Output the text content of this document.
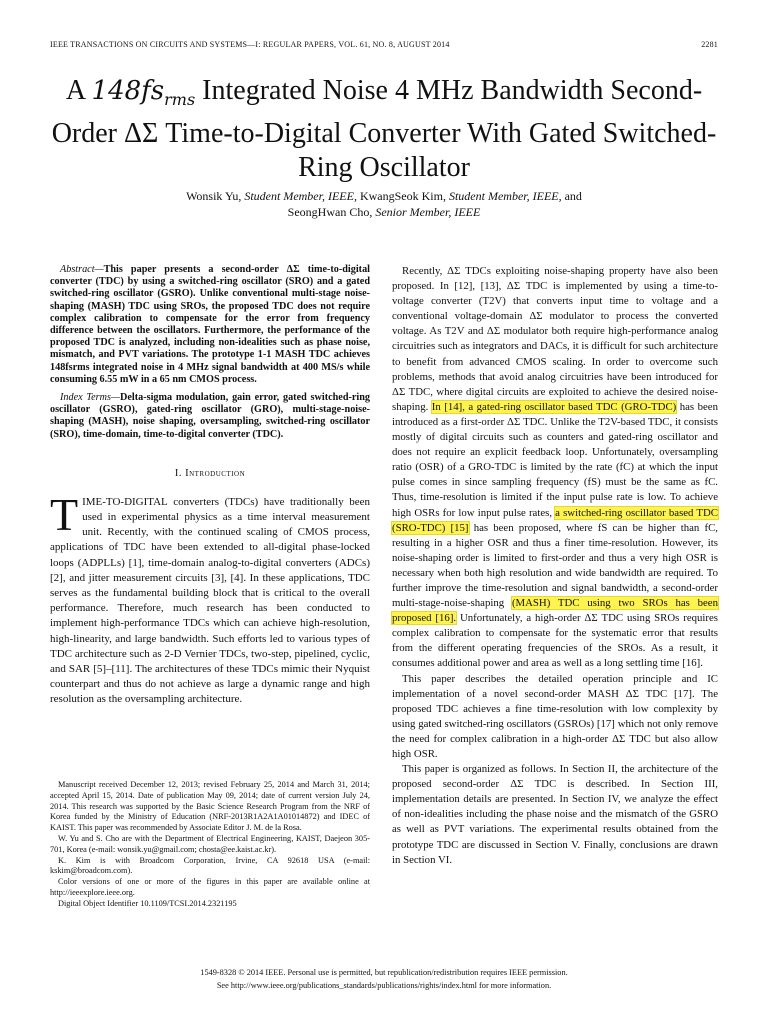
IEEE TRANSACTIONS ON CIRCUITS AND SYSTEMS—I: REGULAR PAPERS, VOL. 61, NO. 8, AUGUST 2014	2281
A $148fs_{rms}$ Integrated Noise 4 MHz Bandwidth Second-Order ΔΣ Time-to-Digital Converter With Gated Switched-Ring Oscillator
Wonsik Yu, Student Member, IEEE, KwangSeok Kim, Student Member, IEEE, and
SeongHwan Cho, Senior Member, IEEE
Abstract—This paper presents a second-order ΔΣ time-to-digital converter (TDC) by using a switched-ring oscillator (SRO) and a gated switched-ring oscillator (GSRO). Unlike conventional multi-stage noise-shaping (MASH) TDC using SROs, the proposed TDC does not require complex calibration to compensate for the error from frequency difference between the oscillators. Furthermore, the performance of the proposed TDC is analyzed, including non-idealities such as phase noise, mismatch, and PVT variations. The prototype 1-1 MASH TDC achieves 148fsrms integrated noise in 4 MHz signal bandwidth at 400 MS/s while consuming 6.55 mW in a 65 nm CMOS process.
Index Terms—Delta-sigma modulation, gain error, gated switched-ring oscillator (GSRO), gated-ring oscillator (GRO), multi-stage-noise-shaping (MASH), noise shaping, oversampling, switched-ring oscillator (SRO), time-domain, time-to-digital converter (TDC).
I. Introduction
TIME-TO-DIGITAL converters (TDCs) have traditionally been used in experimental physics as a time interval measurement unit. Recently, with the continued scaling of CMOS process, applications of TDC have been extended to all-digital phase-locked loops (ADPLLs) [1], time-domain analog-to-digital converters (ADCs) [2], and jitter measurement circuits [3], [4]. In these applications, TDC serves as the fundamental building block that is critical to the overall performance. Therefore, much research has been conducted to implement high-performance TDCs which can achieve high-resolution, high-linearity, and large bandwidth. Such efforts led to various types of TDC architecture such as 2-D Vernier TDCs, two-step, pipelined, cyclic, and SAR [5]–[11]. The architectures of these TDCs mimic their Nyquist counterpart and thus do not achieve as large a dynamic range and high resolution as the oversampling architecture.

Manuscript received December 12, 2013; revised February 25, 2014 and March 31, 2014; accepted April 15, 2014. Date of publication May 09, 2014; date of current version July 24, 2014. This research was supported by the Basic Science Research Program from the NRF of Korea funded by the Ministry of Education (NRF-2013R1A2A1A01014872) and IDEC of KAIST. This paper was recommended by Associate Editor J. M. de la Rosa.

W. Yu and S. Cho are with the Department of Electrical Engineering, KAIST, Daejeon 305-701, Korea (e-mail: wonsik.yu@gmail.com; chosta@ee.kaist.ac.kr).

K. Kim is with Broadcom Corporation, Irvine, CA 92618 USA (e-mail: kskim@broadcom.com).

Color versions of one or more of the figures in this paper are available online at http://ieeexplore.ieee.org.

Digital Object Identifier 10.1109/TCSI.2014.2321195

Recently, ΔΣ TDCs exploiting noise-shaping property have also been proposed. In [12], [13], ΔΣ TDC is implemented by using a time-to-voltage converter (T2V) that converts input time to voltage and a conventional voltage-domain ΔΣ modulator to process the converted voltage. As T2V and ΔΣ modulator both require high-performance analog circuitries such as integrators and DACs, it is difficult for such architecture to benefit from advanced CMOS scaling. In order to overcome such problems, methods that avoid analog circuitries have been introduced for ΔΣ TDC, where digital circuits are exploited to achieve the desired noise-shaping. In [14], a gated-ring oscillator based TDC (GRO-TDC) has been introduced as a first-order ΔΣ TDC. Unlike the T2V-based TDC, it consists mostly of digital circuits such as counters and gated-ring oscillator and does not require an explicit feedback loop. Unfortunately, oversampling ratio (OSR) of a GRO-TDC is limited by the rate (fC) at which the input pulse comes in since sampling frequency (fS) must be the same as fC. Thus, time-resolution is limited if the input pulse rate is low. To achieve high OSRs for low input pulse rates, a switched-ring oscillator based TDC (SRO-TDC) [15] has been proposed, where fS can be higher than fC, resulting in a higher OSR and thus a finer time-resolution. However, its noise-shaping order is limited to first-order and thus a very high OSR is necessary when both high resolution and wide bandwidth are required. To further improve the time-resolution and signal bandwidth, a second-order multi-stage-noise-shaping (MASH) TDC using two SROs has been proposed [16]. Unfortunately, a high-order ΔΣ TDC using SROs requires complex calibration to compensate for the systematic error that results from the different operating frequencies of the SROs. As a result, it consumes additional power and area as well as a long settling time [16].

This paper describes the detailed operation principle and IC implementation of a novel second-order MASH ΔΣ TDC [17]. The proposed TDC achieves a fine time-resolution with low complexity by using gated switched-ring oscillators (GSROs) [17] which not only remove the need for complex calibration in a high-order ΔΣ TDC but also allow high OSR.

This paper is organized as follows. In Section II, the architecture of the proposed second-order ΔΣ TDC is described. In Section III, implementation details are presented. In Section IV, we analyze the effect of non-idealities including the phase noise and the mismatch of the GSRO as well as PVT variations. The experimental results obtained from the prototype TDC are discussed in Section V. Finally, conclusions are drawn in Section VI.

1549-8328 © 2014 IEEE. Personal use is permitted, but republication/redistribution requires IEEE permission.
See http://www.ieee.org/publications_standards/publications/rights/index.html for more information.
